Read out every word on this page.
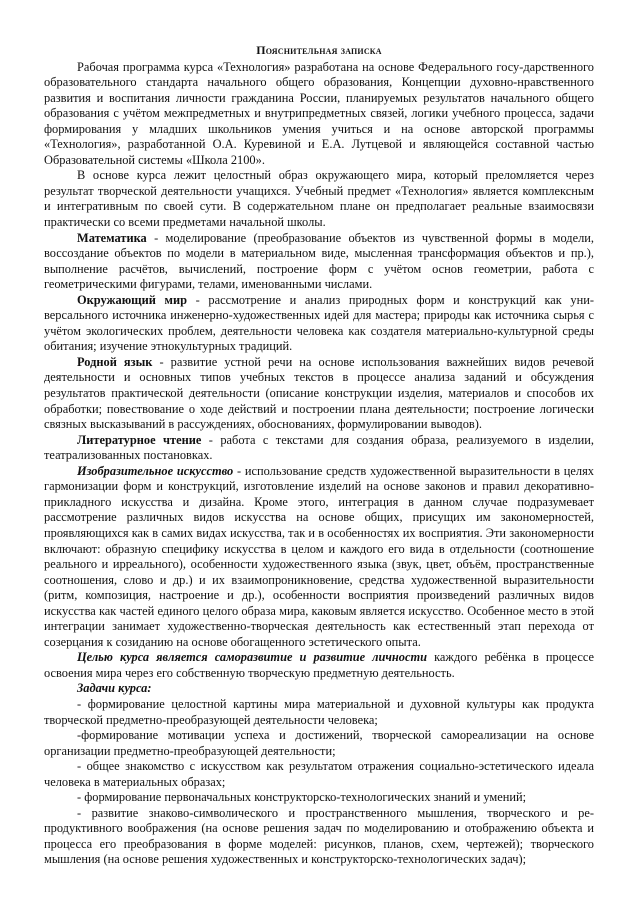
Пояснительная записка

Рабочая программа курса «Технология» разработана на основе Федерального госу-дарственного образовательного стандарта начального общего образования, Концепции духовно-нравственного развития и воспитания личности гражданина России, планируемых результатов начального общего образования с учётом межпредметных и внутрипредметных связей, логики учебного процесса, задачи формирования у младших школьников умения учиться и на основе авторской программы «Технология», разработанной О.А. Куревиной и Е.А. Лутцевой и являющейся составной частью Образовательной системы «Школа 2100».

В основе курса лежит целостный образ окружающего мира, который преломляется через результат творческой деятельности учащихся. Учебный предмет «Технология» является комплексным и интегративным по своей сути. В содержательном плане он предполагает реальные взаимосвязи практически со всеми предметами начальной школы.

Математика - моделирование (преобразование объектов из чувственной формы в модели, воссоздание объектов по модели в материальном виде, мысленная трансформация объектов и пр.), выполнение расчётов, вычислений, построение форм с учётом основ геометрии, работа с геометрическими фигурами, телами, именованными числами.

Окружающий мир - рассмотрение и анализ природных форм и конструкций как уни-версального источника инженерно-художественных идей для мастера; природы как источника сырья с учётом экологических проблем, деятельности человека как создателя материально-культурной среды обитания; изучение этнокультурных традиций.

Родной язык - развитие устной речи на основе использования важнейших видов речевой деятельности и основных типов учебных текстов в процессе анализа заданий и обсуждения результатов практической деятельности (описание конструкции изделия, материалов и способов их обработки; повествование о ходе действий и построении плана деятельности; построение логически связных высказываний в рассуждениях, обоснованиях, формулировании выводов).

Литературное чтение - работа с текстами для создания образа, реализуемого в изделии, театрализованных постановках.

Изобразительное искусство - использование средств художественной выразительности в целях гармонизации форм и конструкций, изготовление изделий на основе законов и правил декоративно-прикладного искусства и дизайна. Кроме этого, интеграция в данном случае подразумевает рассмотрение различных видов искусства на основе общих, присущих им закономерностей, проявляющихся как в самих видах искусства, так и в особенностях их восприятия. Эти закономерности включают: образную специфику искусства в целом и каждого его вида в отдельности (соотношение реального и ирреального), особенности художественного языка (звук, цвет, объём, пространственные соотношения, слово и др.) и их взаимопроникновение, средства художественной выразительности (ритм, композиция, настроение и др.), особенности восприятия произведений различных видов искусства как частей единого целого образа мира, каковым является искусство. Особенное место в этой интеграции занимает художественно-творческая деятельность как естественный этап перехода от созерцания к созиданию на основе обогащенного эстетического опыта.

Целью курса является саморазвитие и развитие личности каждого ребёнка в процессе освоения мира через его собственную творческую предметную деятельность.

Задачи курса:

- формирование целостной картины мира материальной и духовной культуры как продукта творческой предметно-преобразующей деятельности человека;

-формирование мотивации успеха и достижений, творческой самореализации на основе организации предметно-преобразующей деятельности;

- общее знакомство с искусством как результатом отражения социально-эстетического идеала человека в материальных образах;

- формирование первоначальных конструкторско-технологических знаний и умений;

- развитие знаково-символического и пространственного мышления, творческого и ре-продуктивного воображения (на основе решения задач по моделированию и отображению объекта и процесса его преобразования в форме моделей: рисунков, планов, схем, чертежей); творческого мышления (на основе решения художественных и конструкторско-технологических задач);
